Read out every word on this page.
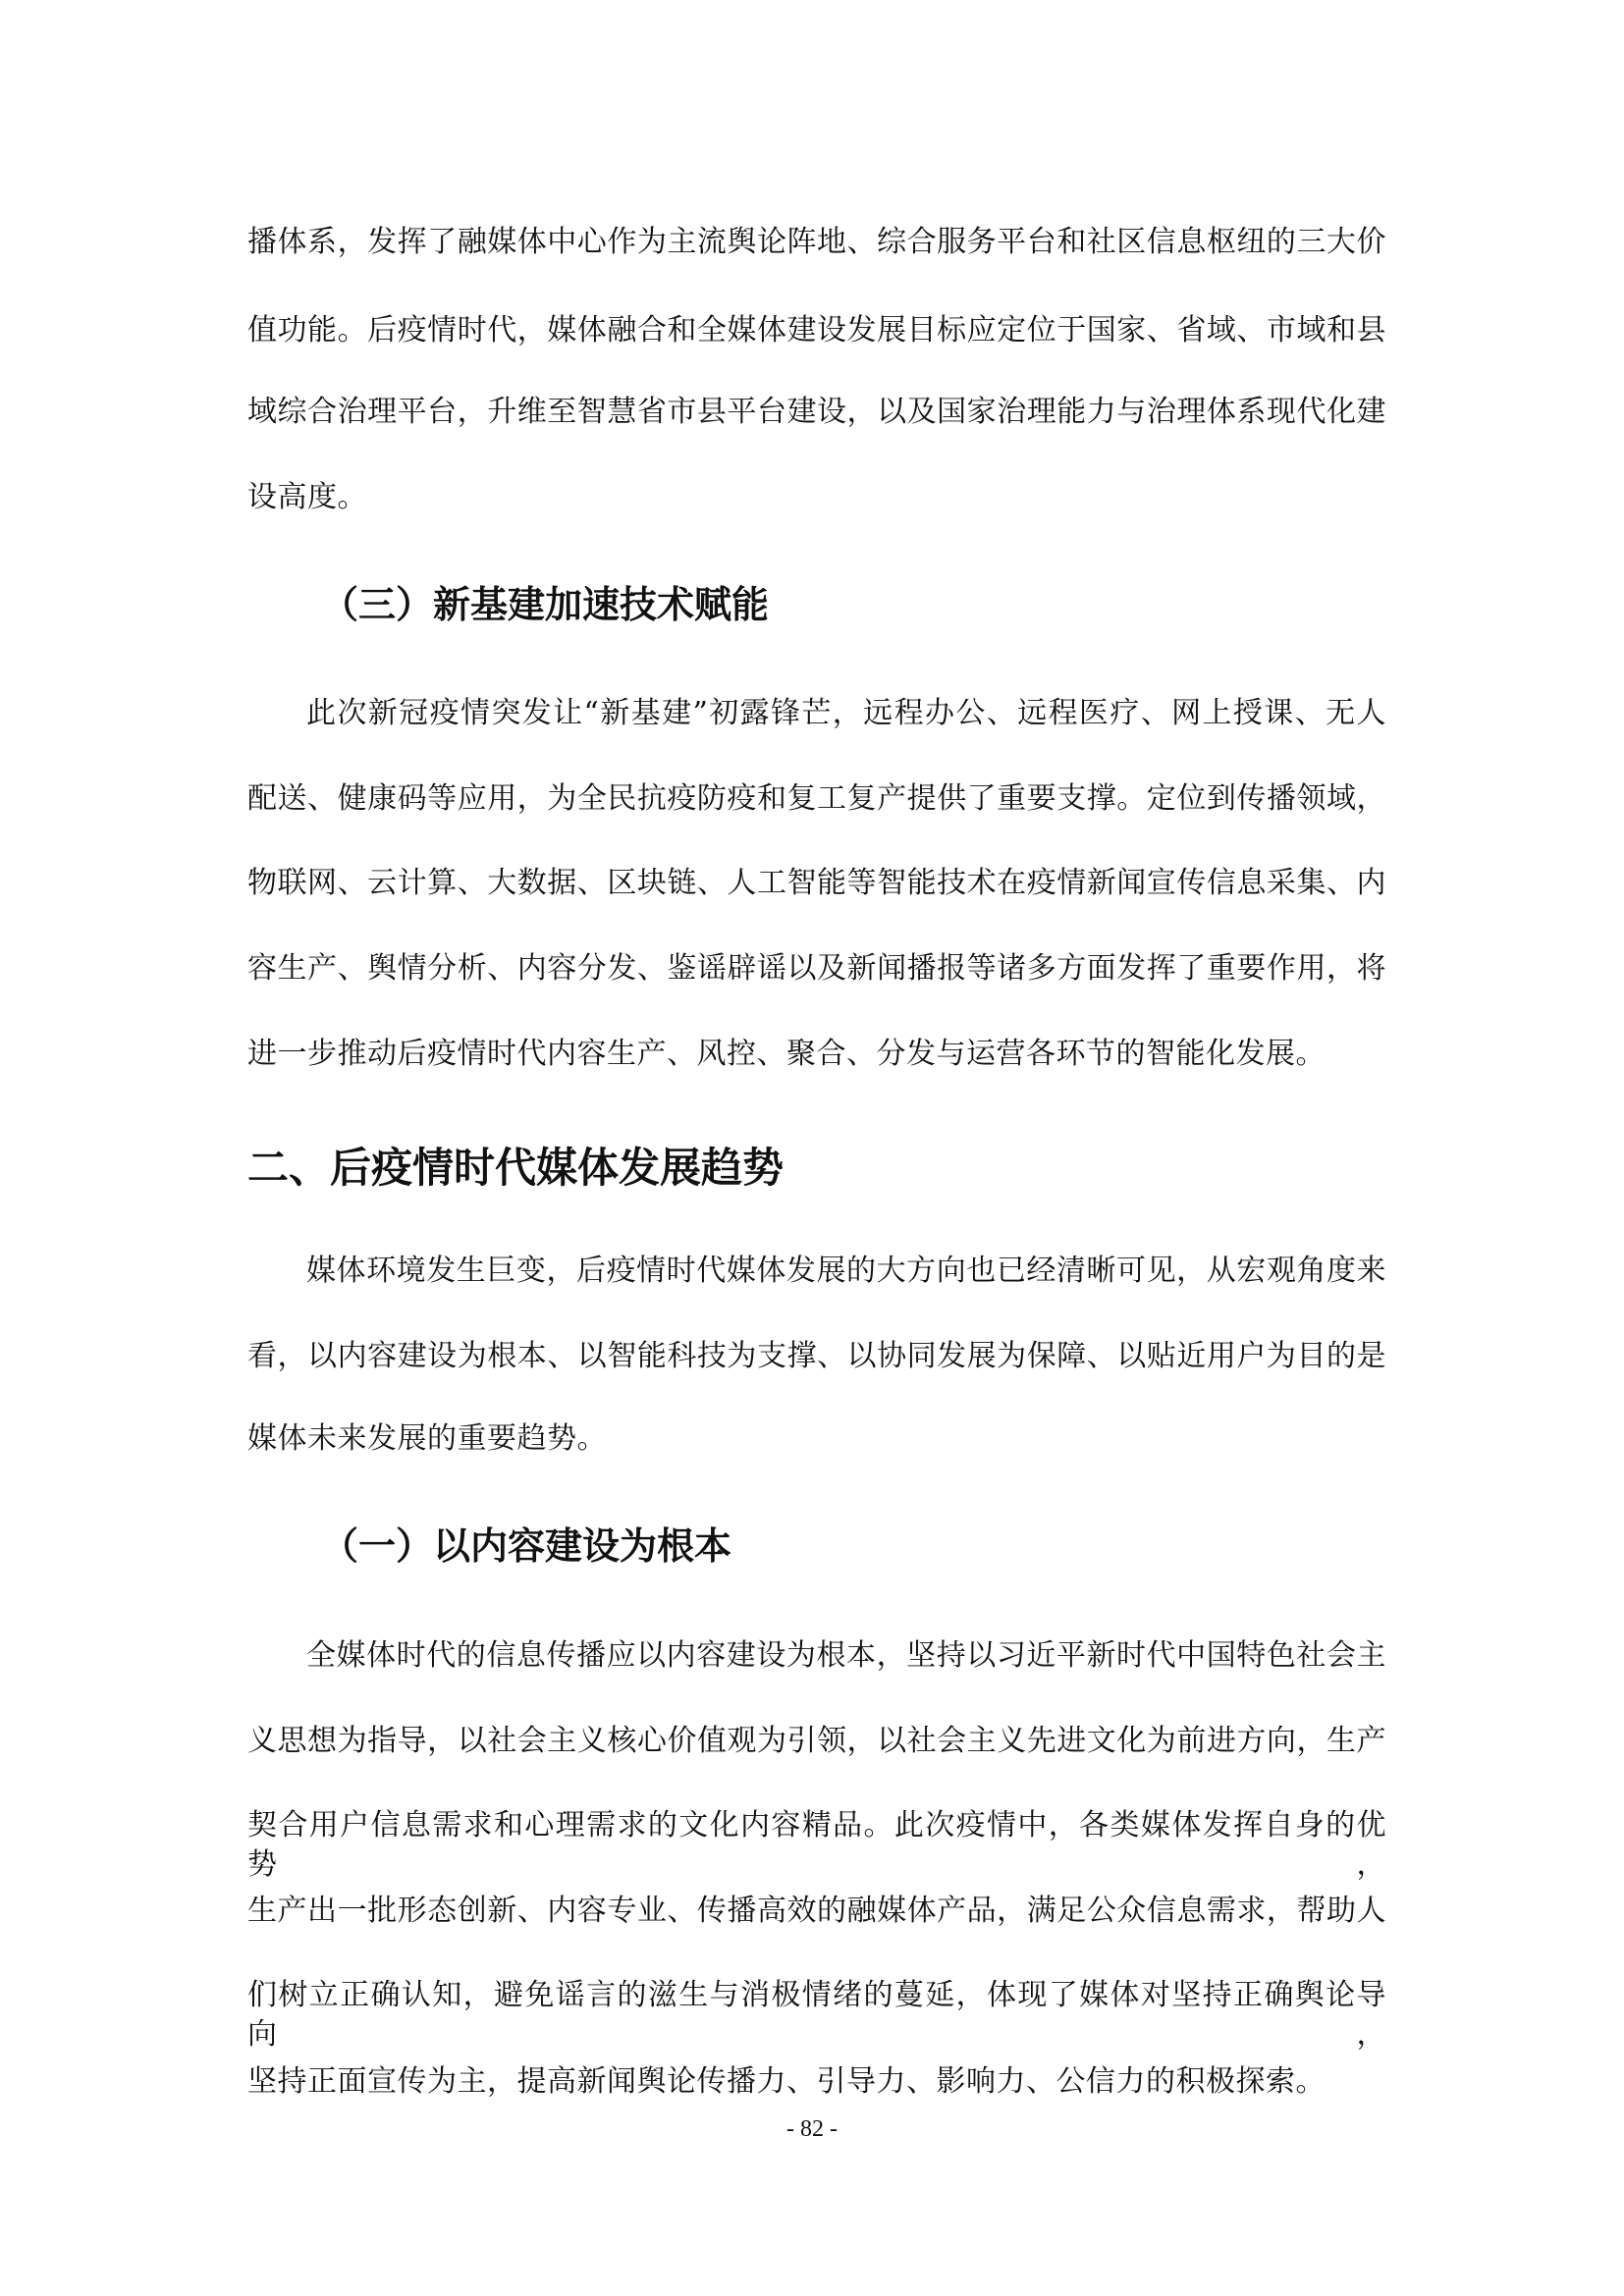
播体系，发挥了融媒体中心作为主流舆论阵地、综合服务平台和社区信息枢纽的三大价
值功能。后疫情时代，媒体融合和全媒体建设发展目标应定位于国家、省域、市域和县
域综合治理平台，升维至智慧省市县平台建设，以及国家治理能力与治理体系现代化建
设高度。
（三）新基建加速技术赋能
此次新冠疫情突发让“新基建”初露锋芒，远程办公、远程医疗、网上授课、无人
配送、健康码等应用，为全民抗疫防疫和复工复产提供了重要支撑。定位到传播领域，
物联网、云计算、大数据、区块链、人工智能等智能技术在疫情新闻宣传信息采集、内
容生产、舆情分析、内容分发、鉴谣辟谣以及新闻播报等诸多方面发挥了重要作用，将
进一步推动后疫情时代内容生产、风控、聚合、分发与运营各环节的智能化发展。
二、后疫情时代媒体发展趋势
媒体环境发生巨变，后疫情时代媒体发展的大方向也已经清晰可见，从宏观角度来
看，以内容建设为根本、以智能科技为支撑、以协同发展为保障、以贴近用户为目的是
媒体未来发展的重要趋势。
（一）以内容建设为根本
全媒体时代的信息传播应以内容建设为根本，坚持以习近平新时代中国特色社会主
义思想为指导，以社会主义核心价值观为引领，以社会主义先进文化为前进方向，生产
契合用户信息需求和心理需求的文化内容精品。此次疫情中，各类媒体发挥自身的优势，
生产出一批形态创新、内容专业、传播高效的融媒体产品，满足公众信息需求，帮助人
们树立正确认知，避免谣言的滋生与消极情绪的蔓延，体现了媒体对坚持正确舆论导向，
坚持正面宣传为主，提高新闻舆论传播力、引导力、影响力、公信力的积极探索。
- 82 -
